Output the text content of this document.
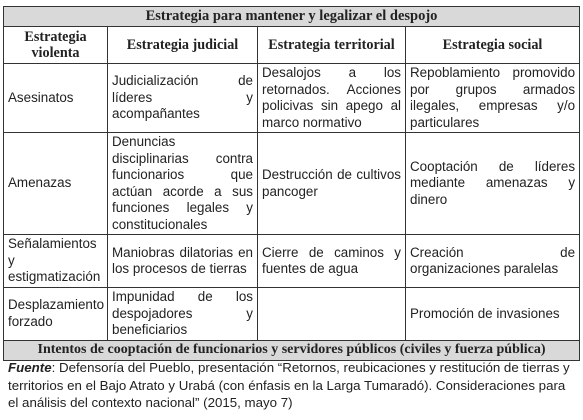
Estrategia para mantener y legalizar el despojo			
Estrategia violenta	Estrategia judicial	Estrategia territorial	Estrategia social
Asesinatos	Judicialización de líderes y acompañantes	Desalojos a los retornados. Acciones policivas sin apego al marco normativo	Repoblamiento promovido por grupos armados ilegales, empresas y/o particulares
Amenazas	Denuncias disciplinarias contra funcionarios que actúan acorde a sus funciones legales y constitucionales	Destrucción de cultivos pancoger	Cooptación de líderes mediante amenazas y dinero
Señalamientos y estigmatización	Maniobras dilatorias en los procesos de tierras	Cierre de caminos y fuentes de agua	Creación de organizaciones paralelas
Desplazamiento forzado	Impunidad de los despojadores y beneficiarios		Promoción de invasiones
Intentos de cooptación de funcionarios y servidores públicos (civiles y fuerza pública)			
Fuente: Defensoría del Pueblo, presentación “Retornos, reubicaciones y restitución de tierras y territorios en el Bajo Atrato y Urabá (con énfasis en la Larga Tumaradó). Consideraciones para el análisis del contexto nacional” (2015, mayo 7)
